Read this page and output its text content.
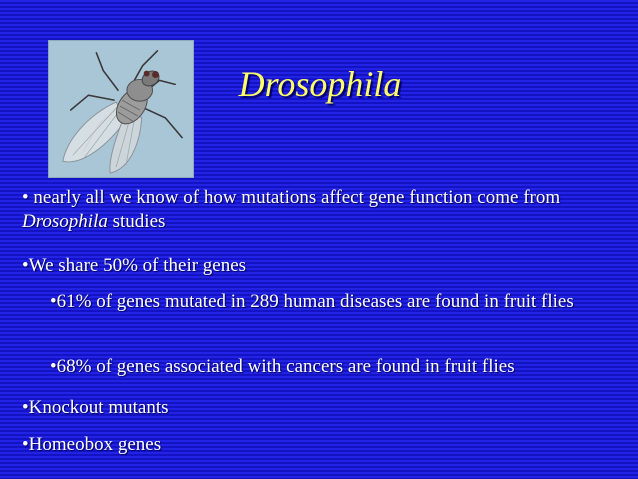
Drosophila

• nearly all we know of how mutations affect gene function come from Drosophila studies

•We share 50% of their genes

•61% of genes mutated in 289 human diseases are found in fruit flies

•68% of genes associated with cancers are found in fruit flies

•Knockout mutants

•Homeobox genes
